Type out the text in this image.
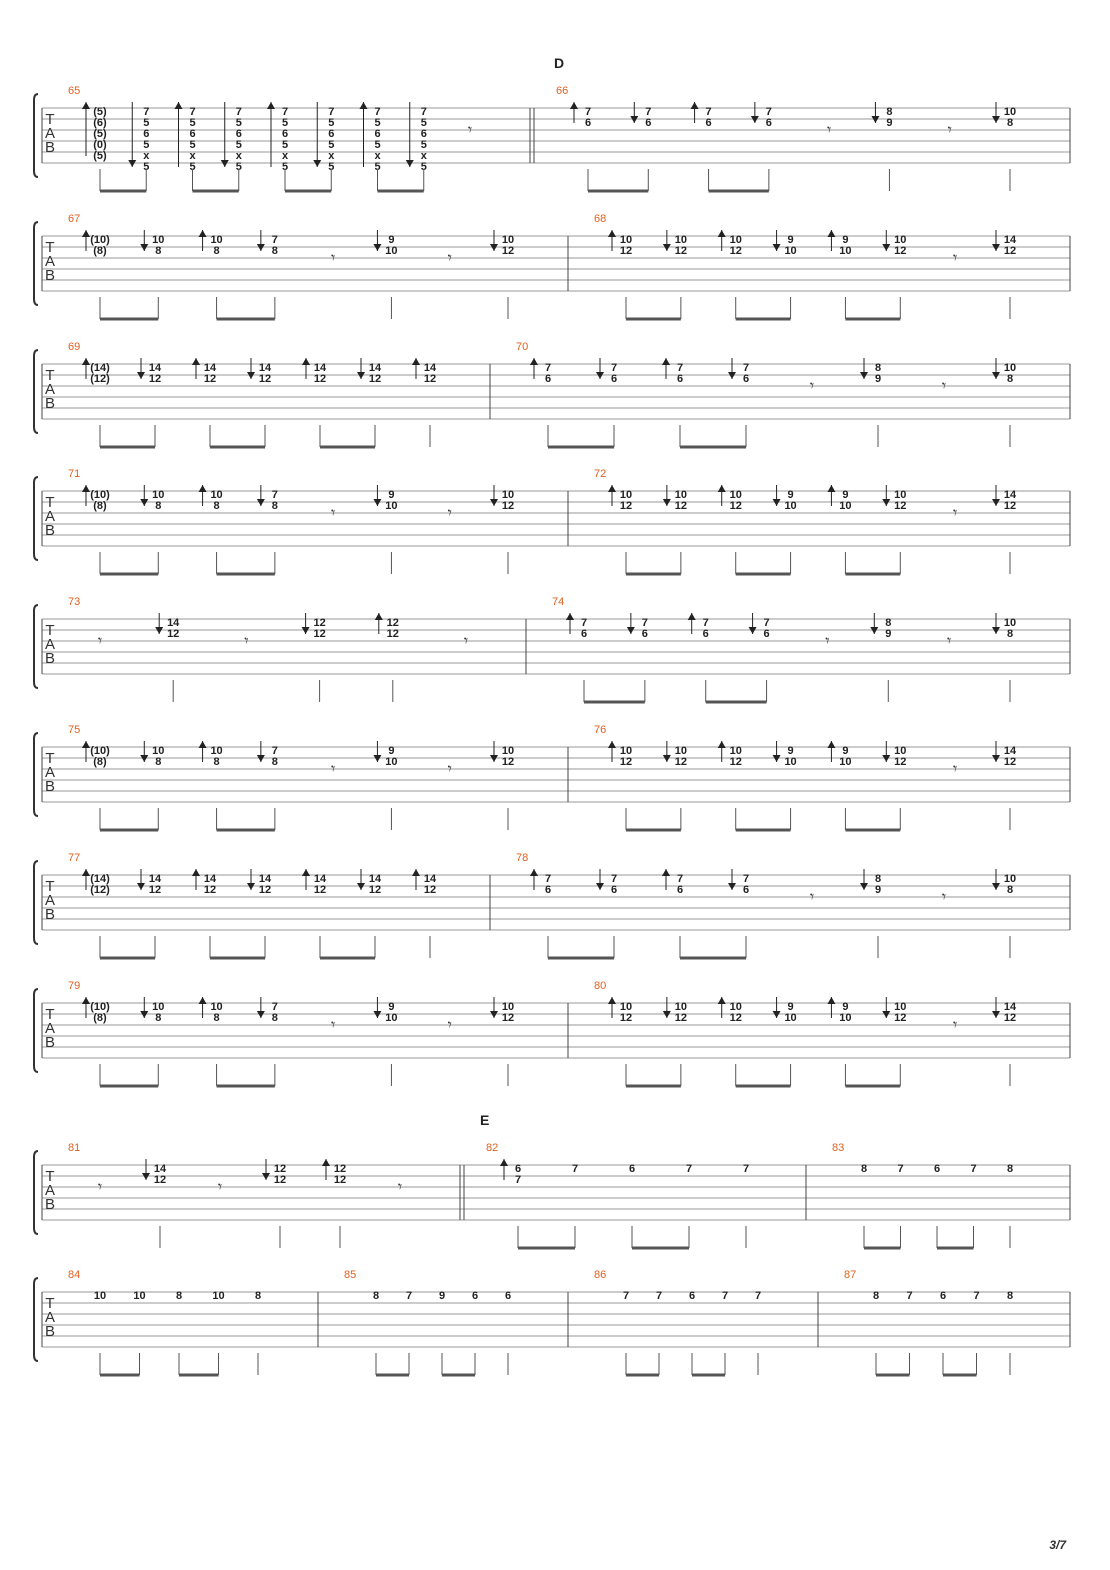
D
E
T
A
B
65
(5)
(6)
(5)
(0)
(5)
7
5
6
5
x
5
7
5
6
5
x
5
7
5
6
5
x
5
7
5
6
5
x
5
7
5
6
5
x
5
7
5
6
5
x
5
7
5
6
5
x
5
𝄾
66
7
6
7
6
7
6
7
6	𝄾
8
9	𝄾
10
8
T
A
B
67
(10)
(8)
10
8
10
8
7
8	𝄾
9
10	𝄾
10
12
68
10
12
10
12
10
12
9
10
9
10
10
12	𝄾
14
12
T
A
B
69
(14)
(12)
14
12
14
12
14
12
14
12
14
12
14
12
70
7
6
7
6
7
6
7
6	𝄾
8
9	𝄾
10
8
T
A
B
71
(10)
(8)
10
8
10
8
7
8	𝄾
9
10	𝄾
10
12
72
10
12
10
12
10
12
9
10
9
10
10
12	𝄾
14
12
T
A
B
73
𝄾
14
12	𝄾
12
12
12
12	𝄾
74
7
6
7
6
7
6
7
6	𝄾
8
9	𝄾
10
8
T
A
B
75
(10)
(8)
10
8
10
8
7
8	𝄾
9
10	𝄾
10
12
76
10
12
10
12
10
12
9
10
9
10
10
12	𝄾
14
12
T
A
B
77
(14)
(12)
14
12
14
12
14
12
14
12
14
12
14
12
78
7
6
7
6
7
6
7
6	𝄾
8
9	𝄾
10
8
T
A
B
79
(10)
(8)
10
8
10
8
7
8	𝄾
9
10	𝄾
10
12
80
10
12
10
12
10
12
9
10
9
10
10
12	𝄾
14
12
T
A
B
81
𝄾
14
12	𝄾
12
12
12
12	𝄾
82
6
7
7	6	7	7
83
8	7	6	7	8
T
A
B
84
10 10	8	10	8
85
8 7 9 6 6
86
7 7 6 7 7
87
8 7 6 7 8
3/7
